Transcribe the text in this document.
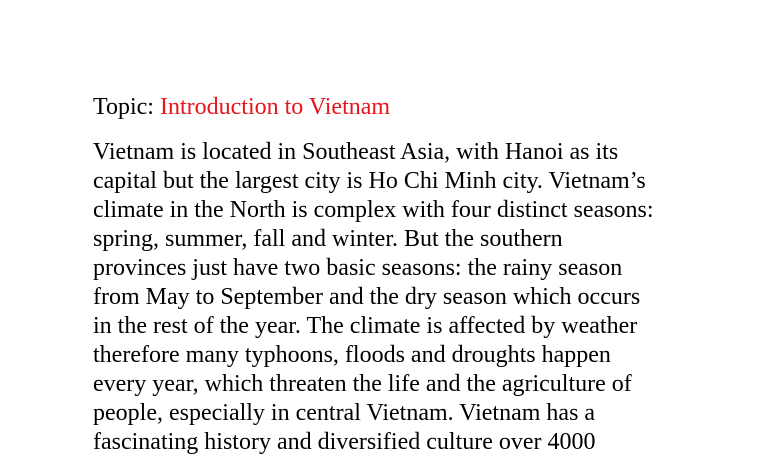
Topic: Introduction to Vietnam
Vietnam is located in Southeast Asia, with Hanoi as its
capital but the largest city is Ho Chi Minh city. Vietnam’s
climate in the North is complex with four distinct seasons:
spring, summer, fall and winter. But the southern
provinces just have two basic seasons: the rainy season
from May to September and the dry season which occurs
in the rest of the year. The climate is affected by weather
therefore many typhoons, floods and droughts happen
every year, which threaten the life and the agriculture of
people, especially in central Vietnam. Vietnam has a
fascinating history and diversified culture over 4000
